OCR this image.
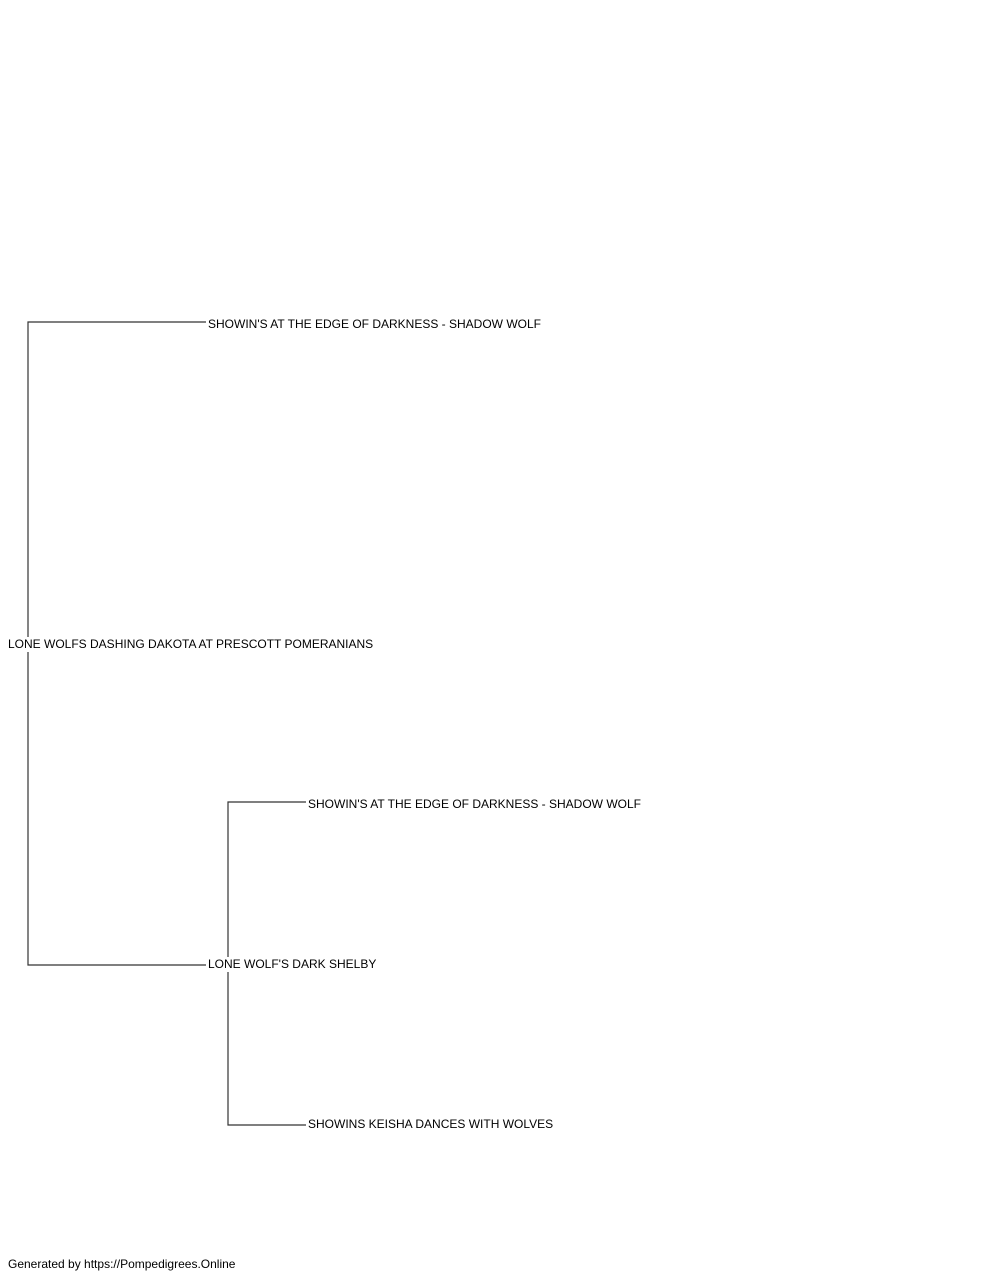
LONE WOLFS DASHING DAKOTA AT PRESCOTT POMERANIANS
SHOWIN'S AT THE EDGE OF DARKNESS - SHADOW WOLF
LONE WOLF'S DARK SHELBY
SHOWIN'S AT THE EDGE OF DARKNESS - SHADOW WOLF
SHOWINS KEISHA DANCES WITH WOLVES
Generated by https://Pompedigrees.Online
